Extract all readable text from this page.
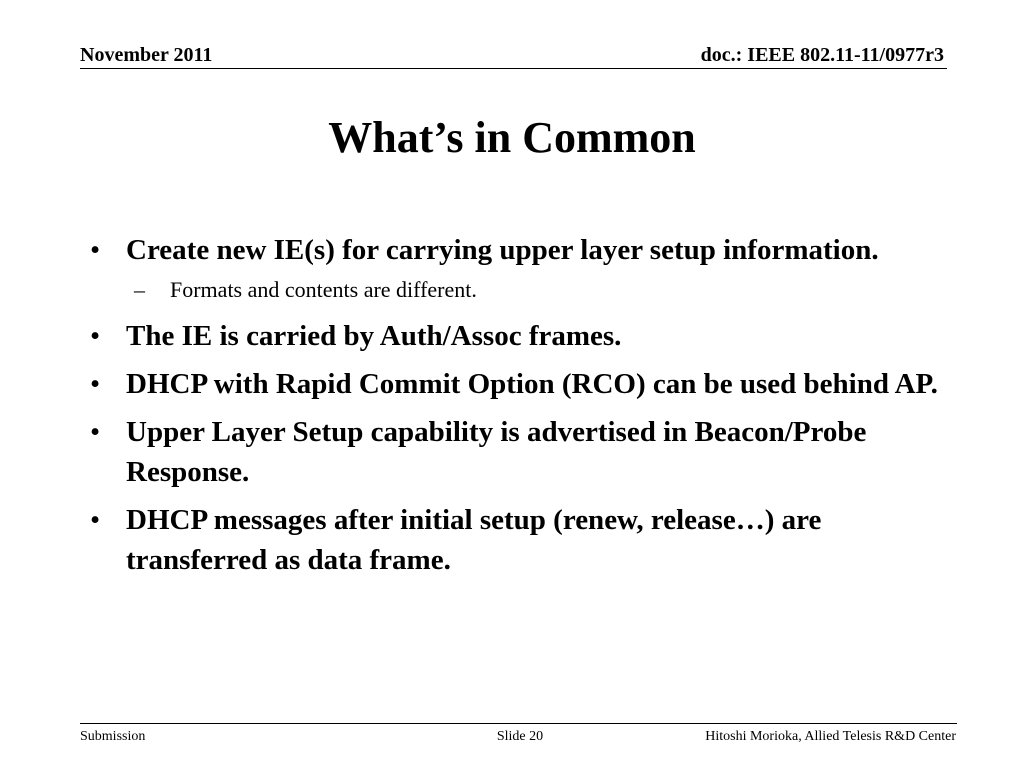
November 2011	doc.: IEEE 802.11-11/0977r3
What’s in Common
• Create new IE(s) for carrying upper layer setup information.
– Formats and contents are different.
• The IE is carried by Auth/Assoc frames.
• DHCP with Rapid Commit Option (RCO) can be used behind AP.
• Upper Layer Setup capability is advertised in Beacon/Probe Response.
• DHCP messages after initial setup (renew, release…) are transferred as data frame.
Submission	Slide 20	Hitoshi Morioka, Allied Telesis R&D Center
